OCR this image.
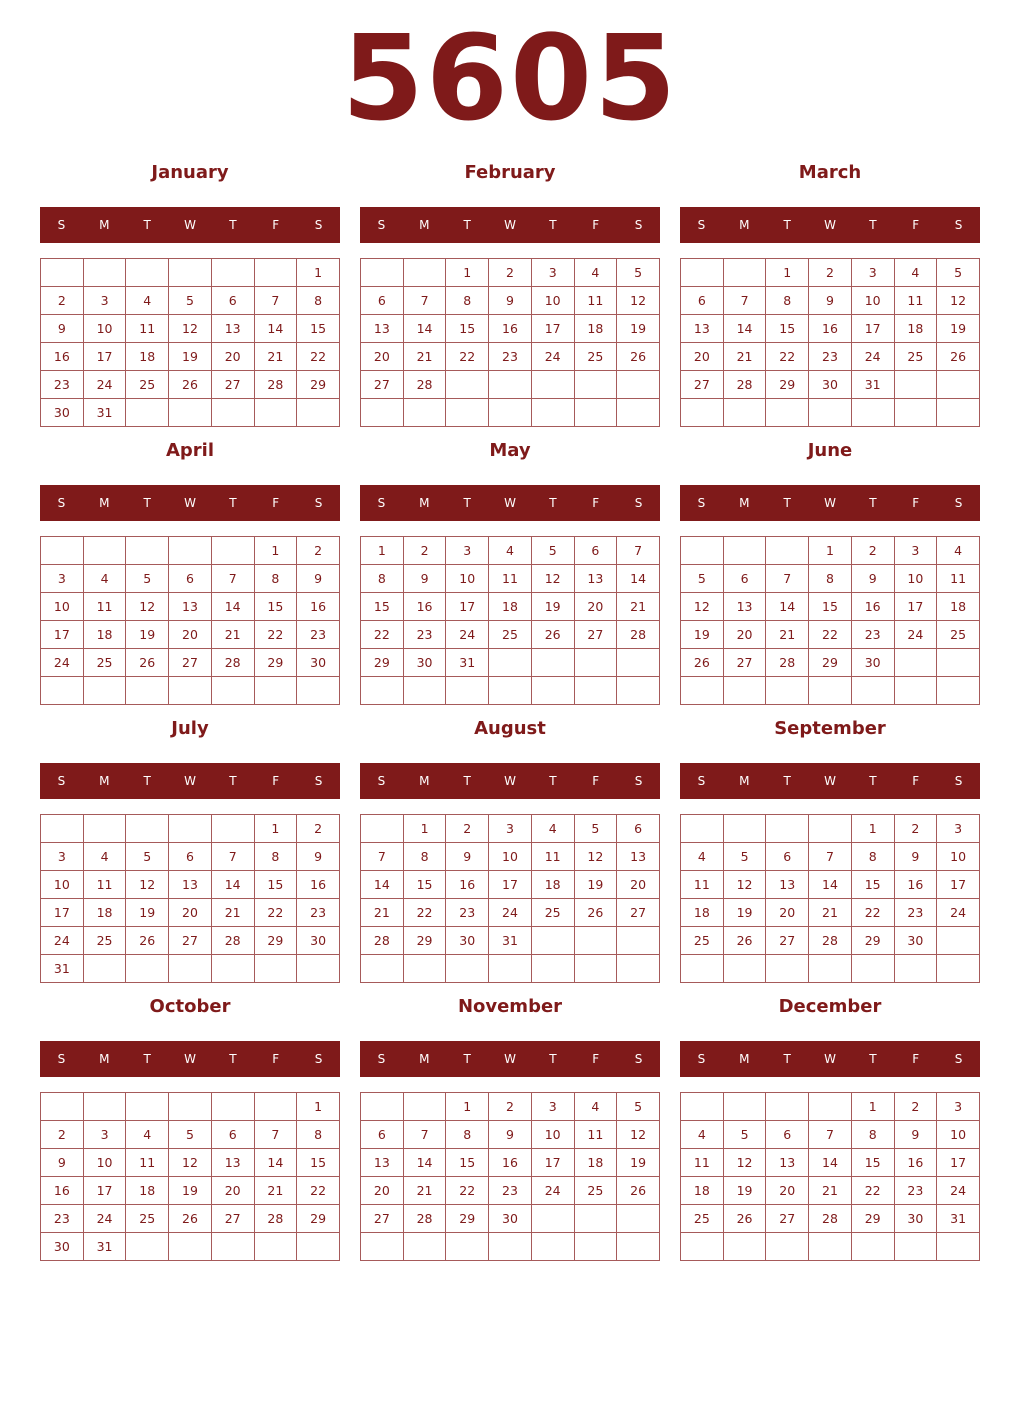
5605
January
S	M	T	W	T	F	S
						1
2	3	4	5	6	7	8
9	10	11	12	13	14	15
16	17	18	19	20	21	22
23	24	25	26	27	28	29
30	31					
February
S	M	T	W	T	F	S
		1	2	3	4	5
6	7	8	9	10	11	12
13	14	15	16	17	18	19
20	21	22	23	24	25	26
27	28					

March
S	M	T	W	T	F	S
		1	2	3	4	5
6	7	8	9	10	11	12
13	14	15	16	17	18	19
20	21	22	23	24	25	26
27	28	29	30	31		

April
S	M	T	W	T	F	S
					1	2
3	4	5	6	7	8	9
10	11	12	13	14	15	16
17	18	19	20	21	22	23
24	25	26	27	28	29	30

May
S	M	T	W	T	F	S
1	2	3	4	5	6	7
8	9	10	11	12	13	14
15	16	17	18	19	20	21
22	23	24	25	26	27	28
29	30	31				

June
S	M	T	W	T	F	S
			1	2	3	4
5	6	7	8	9	10	11
12	13	14	15	16	17	18
19	20	21	22	23	24	25
26	27	28	29	30		

July
S	M	T	W	T	F	S
					1	2
3	4	5	6	7	8	9
10	11	12	13	14	15	16
17	18	19	20	21	22	23
24	25	26	27	28	29	30
31						
August
S	M	T	W	T	F	S
	1	2	3	4	5	6
7	8	9	10	11	12	13
14	15	16	17	18	19	20
21	22	23	24	25	26	27
28	29	30	31			

September
S	M	T	W	T	F	S
				1	2	3
4	5	6	7	8	9	10
11	12	13	14	15	16	17
18	19	20	21	22	23	24
25	26	27	28	29	30	

October
S	M	T	W	T	F	S
						1
2	3	4	5	6	7	8
9	10	11	12	13	14	15
16	17	18	19	20	21	22
23	24	25	26	27	28	29
30	31					
November
S	M	T	W	T	F	S
		1	2	3	4	5
6	7	8	9	10	11	12
13	14	15	16	17	18	19
20	21	22	23	24	25	26
27	28	29	30			

December
S	M	T	W	T	F	S
				1	2	3
4	5	6	7	8	9	10
11	12	13	14	15	16	17
18	19	20	21	22	23	24
25	26	27	28	29	30	31
